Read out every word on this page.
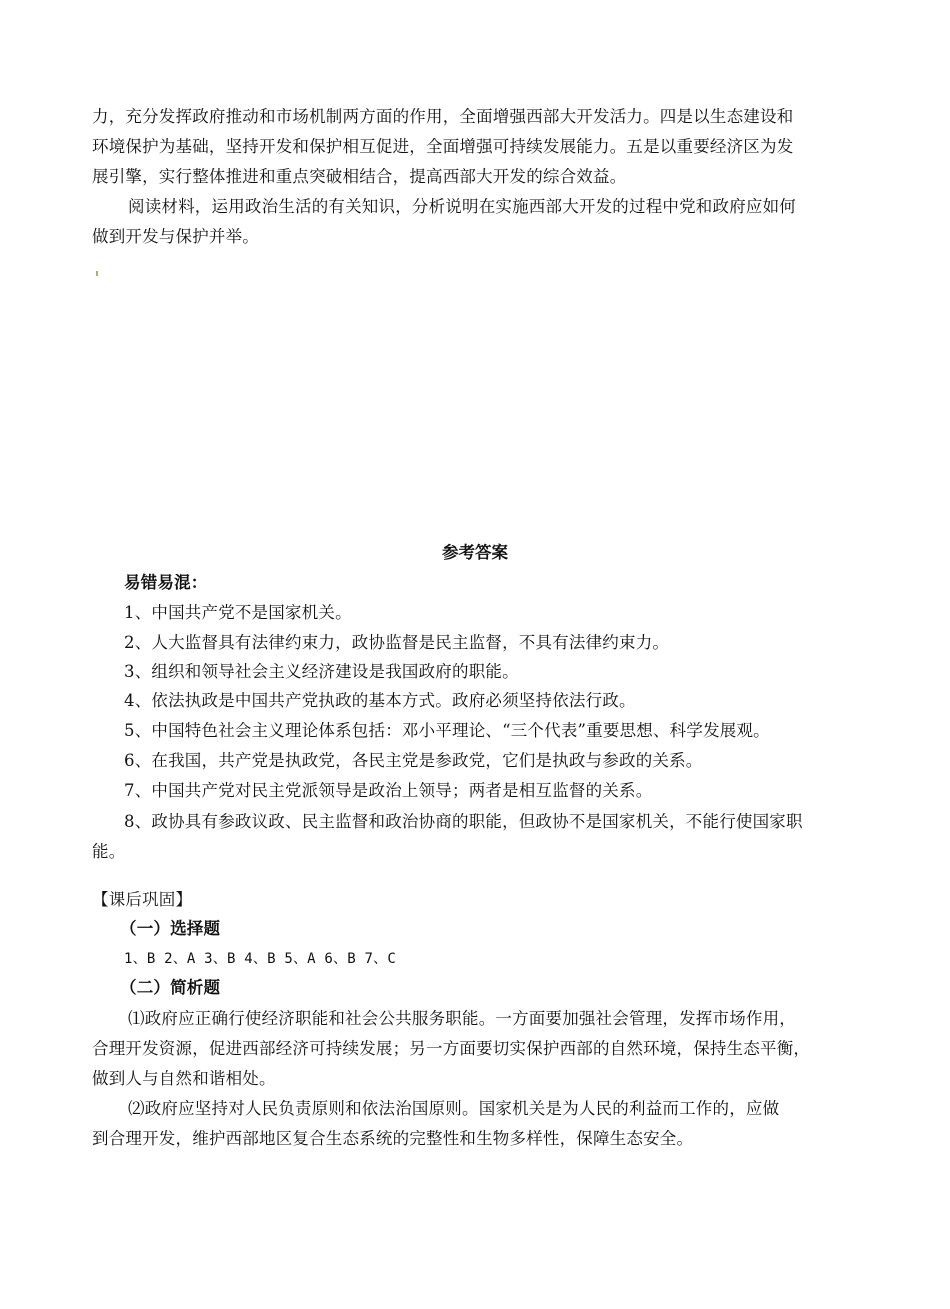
力，充分发挥政府推动和市场机制两方面的作用，全面增强西部大开发活力。四是以生态建设和
环境保护为基础，坚持开发和保护相互促进，全面增强可持续发展能力。五是以重要经济区为发
展引擎，实行整体推进和重点突破相结合，提高西部大开发的综合效益。
阅读材料，运用政治生活的有关知识，分析说明在实施西部大开发的过程中党和政府应如何
做到开发与保护并举。
参考答案
易错易混：
1、中国共产党不是国家机关。
2、人大监督具有法律约束力，政协监督是民主监督，不具有法律约束力。
3、组织和领导社会主义经济建设是我国政府的职能。
4、依法执政是中国共产党执政的基本方式。政府必须坚持依法行政。
5、中国特色社会主义理论体系包括：邓小平理论、“三个代表”重要思想、科学发展观。
6、在我国，共产党是执政党，各民主党是参政党，它们是执政与参政的关系。
7、中国共产党对民主党派领导是政治上领导；两者是相互监督的关系。
8、政协具有参政议政、民主监督和政治协商的职能，但政协不是国家机关，不能行使国家职
能。
【课后巩固】
（一）选择题
1、B 2、A 3、B 4、B 5、A 6、B 7、C
（二）简析题
⑴政府应正确行使经济职能和社会公共服务职能。一方面要加强社会管理，发挥市场作用，
合理开发资源，促进西部经济可持续发展；另一方面要切实保护西部的自然环境，保持生态平衡，
做到人与自然和谐相处。
⑵政府应坚持对人民负责原则和依法治国原则。国家机关是为人民的利益而工作的，应做
到合理开发，维护西部地区复合生态系统的完整性和生物多样性，保障生态安全。
